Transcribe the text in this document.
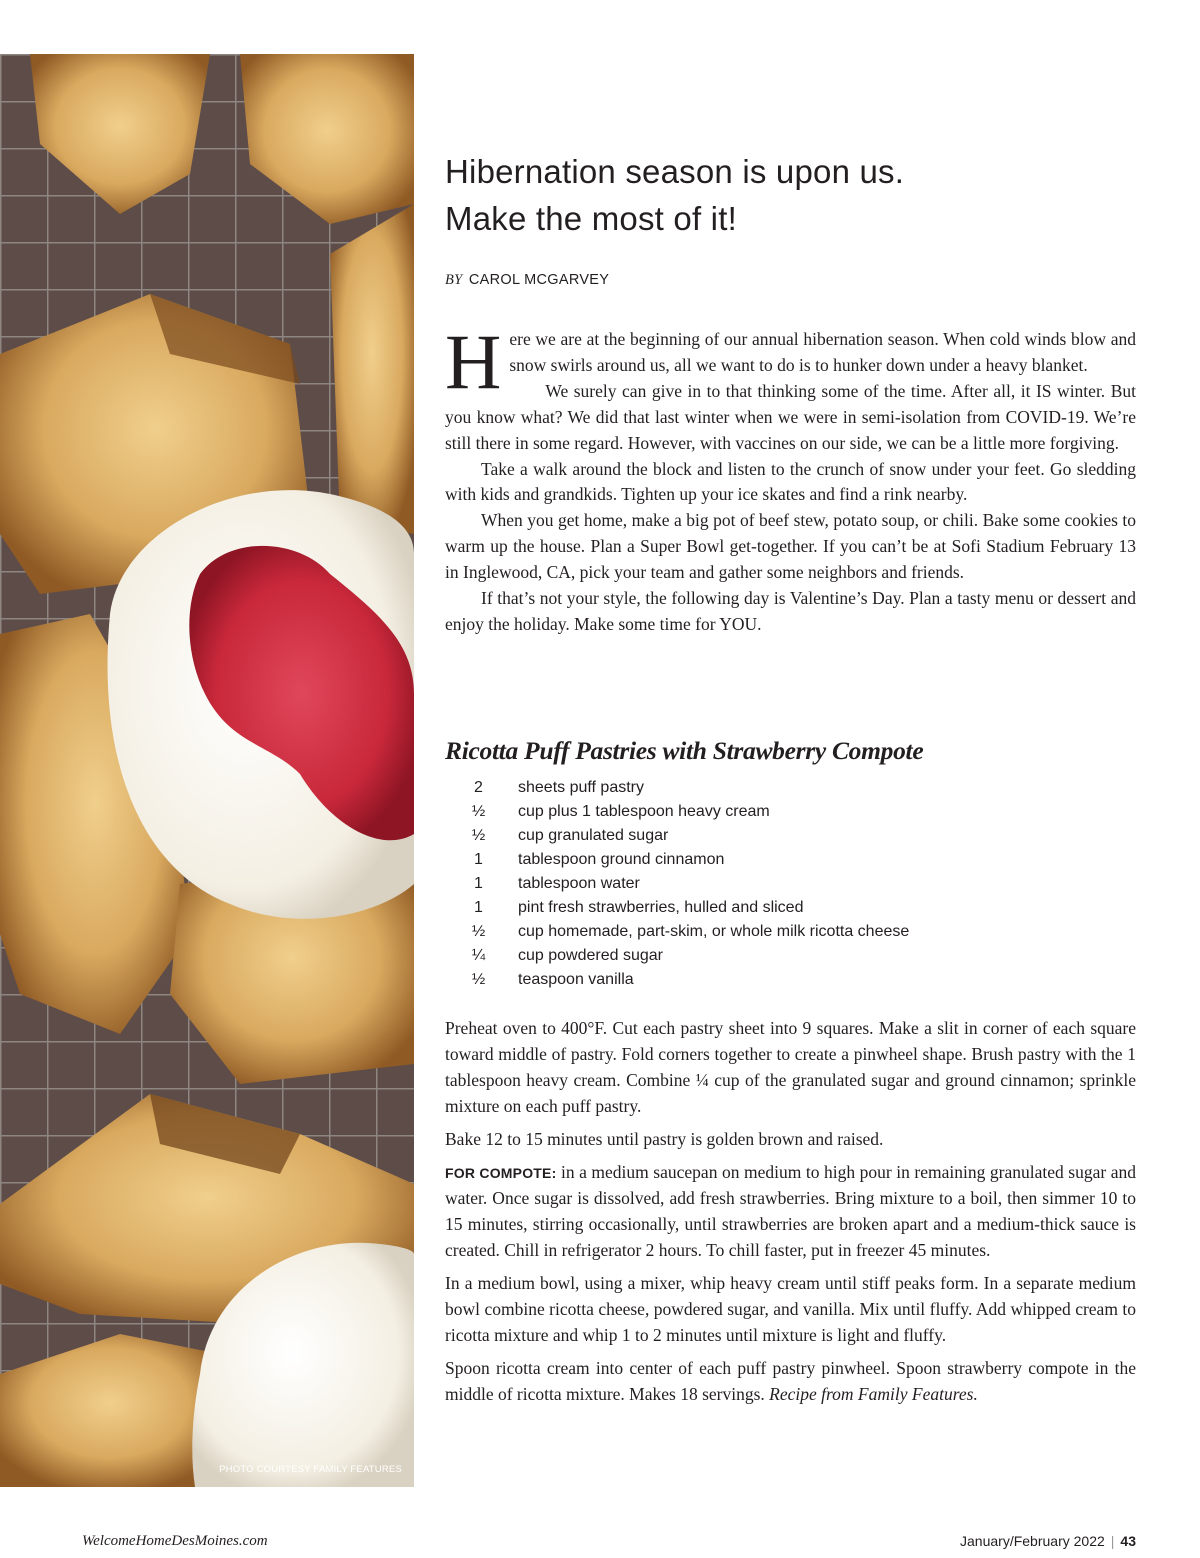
PHOTO COURTESY FAMILY FEATURES
Hibernation season is upon us.
Make the most of it!
BY CAROL MCGARVEY

Here we are at the beginning of our annual hibernation season. When cold winds blow and snow swirls around us, all we want to do is to hunker down under a heavy blanket.

We surely can give in to that thinking some of the time. After all, it IS winter. But you know what? We did that last winter when we were in semi-isolation from COVID-19. We’re still there in some regard. However, with vaccines on our side, we can be a little more forgiving.

Take a walk around the block and listen to the crunch of snow under your feet. Go sledding with kids and grandkids. Tighten up your ice skates and find a rink nearby.

When you get home, make a big pot of beef stew, potato soup, or chili. Bake some cookies to warm up the house. Plan a Super Bowl get-together. If you can’t be at Sofi Stadium February 13 in Inglewood, CA, pick your team and gather some neighbors and friends.

If that’s not your style, the following day is Valentine’s Day. Plan a tasty menu or dessert and enjoy the holiday. Make some time for YOU.

Ricotta Puff Pastries with Strawberry Compote
2	sheets puff pastry
½	cup plus 1 tablespoon heavy cream
½	cup granulated sugar
1	tablespoon ground cinnamon
1	tablespoon water
1	pint fresh strawberries, hulled and sliced
½	cup homemade, part-skim, or whole milk ricotta cheese
¼	cup powdered sugar
½	teaspoon vanilla

Preheat oven to 400°F. Cut each pastry sheet into 9 squares. Make a slit in corner of each square toward middle of pastry. Fold corners together to create a pinwheel shape. Brush pastry with the 1 tablespoon heavy cream. Combine ¼ cup of the granulated sugar and ground cinnamon; sprinkle mixture on each puff pastry.

Bake 12 to 15 minutes until pastry is golden brown and raised.

FOR COMPOTE: in a medium saucepan on medium to high pour in remaining granulated sugar and water. Once sugar is dissolved, add fresh strawberries. Bring mixture to a boil, then simmer 10 to 15 minutes, stirring occasionally, until strawberries are broken apart and a medium-thick sauce is created. Chill in refrigerator 2 hours. To chill faster, put in freezer 45 minutes.

In a medium bowl, using a mixer, whip heavy cream until stiff peaks form. In a separate medium bowl combine ricotta cheese, powdered sugar, and vanilla. Mix until fluffy. Add whipped cream to ricotta mixture and whip 1 to 2 minutes until mixture is light and fluffy.

Spoon ricotta cream into center of each puff pastry pinwheel. Spoon strawberry compote in the middle of ricotta mixture. Makes 18 servings. Recipe from Family Features.

WelcomeHomeDesMoines.com	January/February 2022 | 43
